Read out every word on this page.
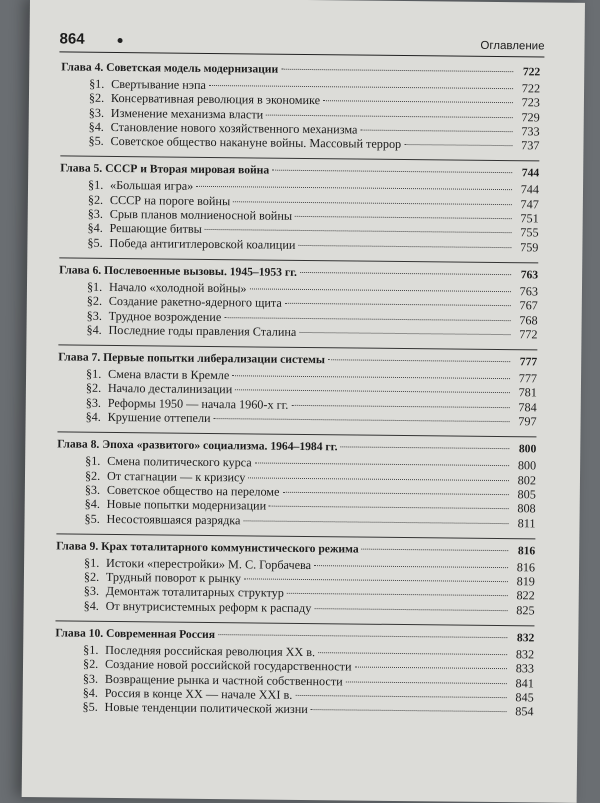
864	Оглавление
Глава 4. Советская модель модернизации	722
§1. Свертывание нэпа	722
§2. Консервативная революция в экономике	723
§3. Изменение механизма власти	729
§4. Становление нового хозяйственного механизма	733
§5. Советское общество накануне войны. Массовый террор	737
Глава 5. СССР и Вторая мировая война	744
§1. «Большая игра»	744
§2. СССР на пороге войны	747
§3. Срыв планов молниеносной войны	751
§4. Решающие битвы	755
§5. Победа антигитлеровской коалиции	759
Глава 6. Послевоенные вызовы. 1945–1953 гг.	763
§1. Начало «холодной войны»	763
§2. Создание ракетно-ядерного щита	767
§3. Трудное возрождение	768
§4. Последние годы правления Сталина	772
Глава 7. Первые попытки либерализации системы	777
§1. Смена власти в Кремле	777
§2. Начало десталинизации	781
§3. Реформы 1950 — начала 1960-х гг.	784
§4. Крушение оттепели	797
Глава 8. Эпоха «развитого» социализма. 1964–1984 гг.	800
§1. Смена политического курса	800
§2. От стагнации — к кризису	802
§3. Советское общество на переломе	805
§4. Новые попытки модернизации	808
§5. Несостоявшаяся разрядка	811
Глава 9. Крах тоталитарного коммунистического режима	816
§1. Истоки «перестройки» М. С. Горбачева	816
§2. Трудный поворот к рынку	819
§3. Демонтаж тоталитарных структур	822
§4. От внутрисистемных реформ к распаду	825
Глава 10. Современная Россия	832
§1. Последняя российская революция XX в.	832
§2. Создание новой российской государственности	833
§3. Возвращение рынка и частной собственности	841
§4. Россия в конце XX — начале XXI в.	845
§5. Новые тенденции политической жизни	854
